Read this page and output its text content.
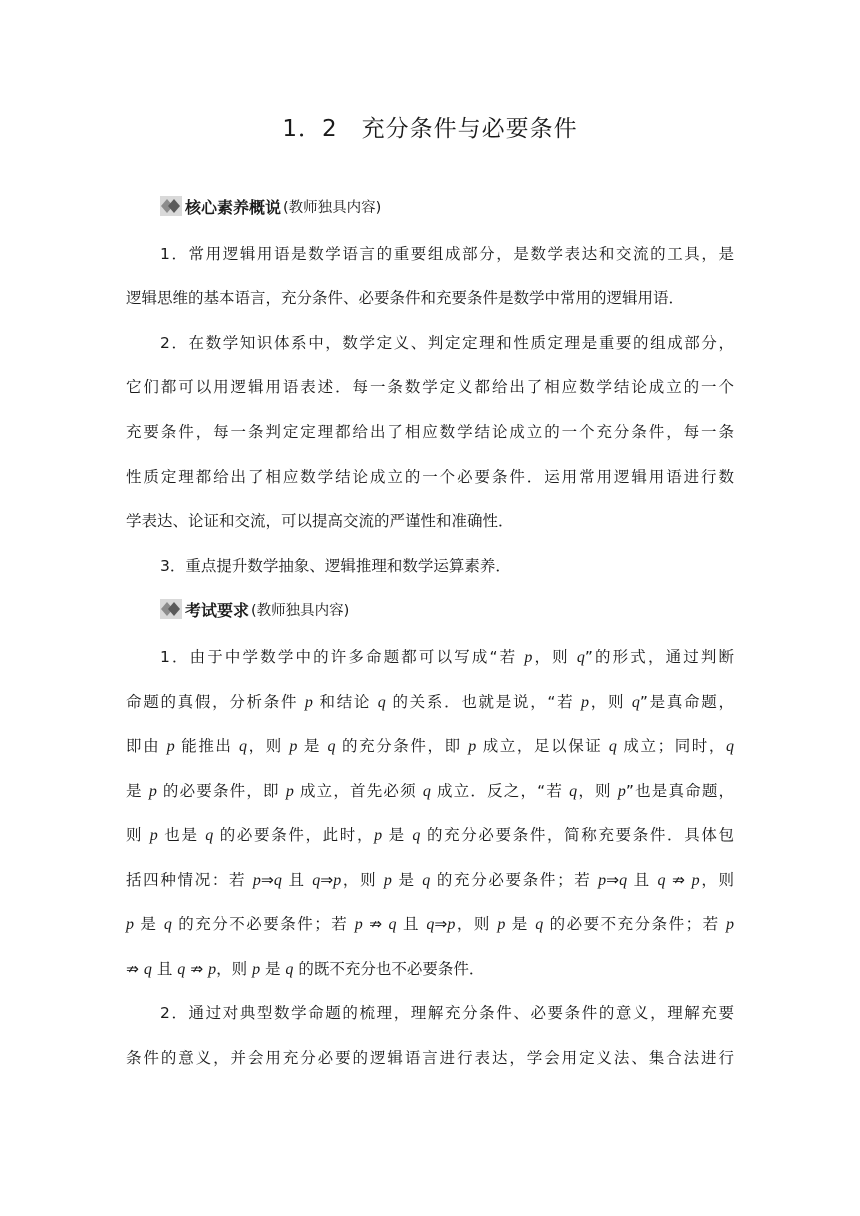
1．2　充分条件与必要条件
核心素养概说 (教师独具内容)
考试要求 (教师独具内容)
1．常用逻辑用语是数学语言的重要组成部分，是数学表达和交流的工具，是
逻辑思维的基本语言，充分条件、必要条件和充要条件是数学中常用的逻辑用语．
2．在数学知识体系中，数学定义、判定定理和性质定理是重要的组成部分，
它们都可以用逻辑用语表述．每一条数学定义都给出了相应数学结论成立的一个
充要条件，每一条判定定理都给出了相应数学结论成立的一个充分条件，每一条
性质定理都给出了相应数学结论成立的一个必要条件．运用常用逻辑用语进行数
学表达、论证和交流，可以提高交流的严谨性和准确性．
3．重点提升数学抽象、逻辑推理和数学运算素养．
1．由于中学数学中的许多命题都可以写成“若 p，则 q”的形式，通过判断
命题的真假，分析条件 p 和结论 q 的关系．也就是说，“若 p，则 q”是真命题，
即由 p 能推出 q，则 p 是 q 的充分条件，即 p 成立，足以保证 q 成立；同时，q
是 p 的必要条件，即 p 成立，首先必须 q 成立．反之，“若 q，则 p”也是真命题，
则 p 也是 q 的必要条件，此时，p 是 q 的充分必要条件，简称充要条件．具体包
括四种情况：若 p⇒q 且 q⇒p，则 p 是 q 的充分必要条件；若 p⇒q 且 q ⇏ p，则
p 是 q 的充分不必要条件；若 p ⇏ q 且 q⇒p，则 p 是 q 的必要不充分条件；若 p
⇏ q 且 q ⇏ p，则 p 是 q 的既不充分也不必要条件．
2．通过对典型数学命题的梳理，理解充分条件、必要条件的意义，理解充要
条件的意义，并会用充分必要的逻辑语言进行表达，学会用定义法、集合法进行
